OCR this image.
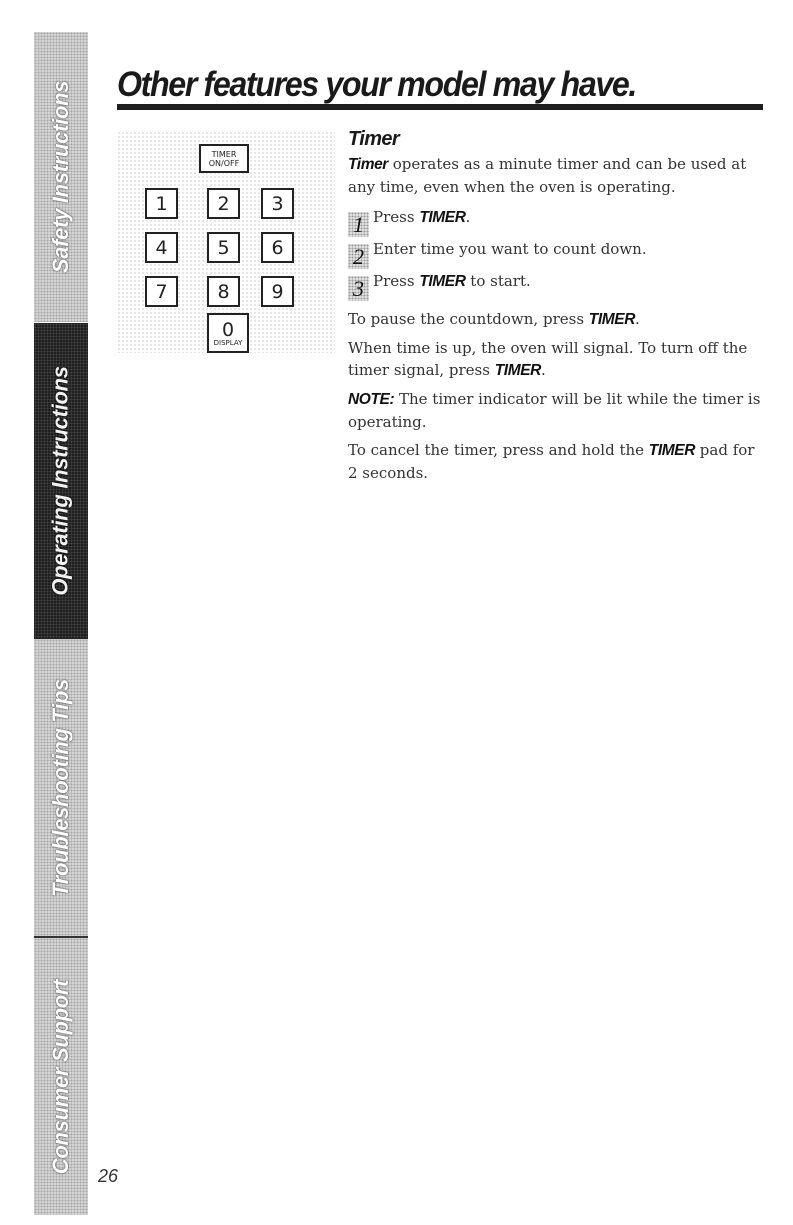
Safety Instructions
Operating Instructions
Troubleshooting Tips
Consumer Support
Other features your model may have.
TIMER
ON/OFF
1	2	3
4	5	6
7	8	9
0
DISPLAY
Timer

Timer operates as a minute timer and can be used at any time, even when the oven is operating.

1 Press TIMER.
2 Enter time you want to count down.
3 Press TIMER to start.

To pause the countdown, press TIMER.

When time is up, the oven will signal. To turn off the timer signal, press TIMER.

NOTE: The timer indicator will be lit while the timer is operating.

To cancel the timer, press and hold the TIMER pad for 2 seconds.

26
